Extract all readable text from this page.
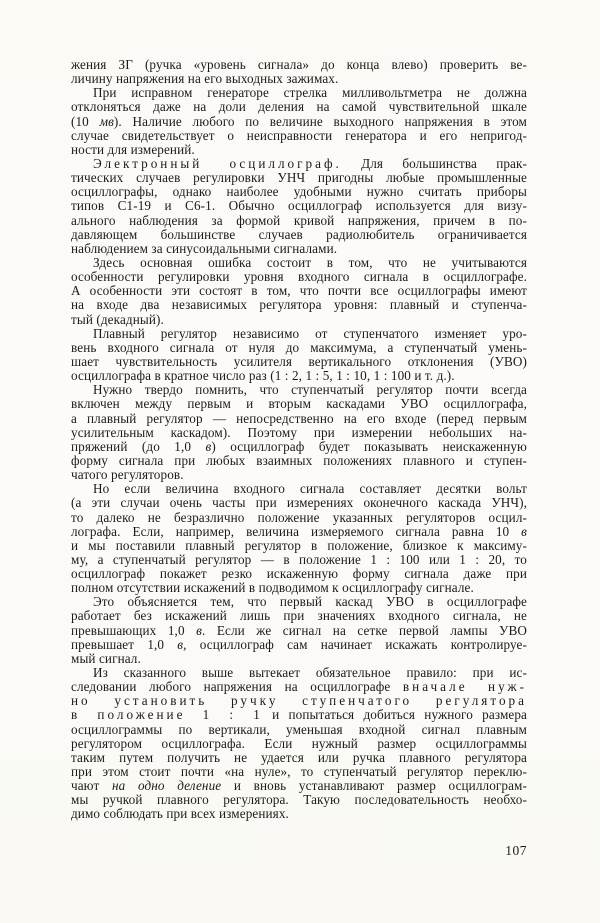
жения ЗГ (ручка «уровень сигнала» до конца влево) проверить ве-
личину напряжения на его выходных зажимах.
При исправном генераторе стрелка милливольтметра не должна
отклоняться даже на доли деления на самой чувствительной шкале
(10 мв). Наличие любого по величине выходного напряжения в этом
случае свидетельствует о неисправности генератора и его непригод-
ности для измерений.
Электронный осциллограф. Для большинства прак-
тических случаев регулировки УНЧ пригодны любые промышленные
осциллографы, однако наиболее удобными нужно считать приборы
типов С1-19 и С6-1. Обычно осциллограф используется для визу-
ального наблюдения за формой кривой напряжения, причем в по-
давляющем большинстве случаев радиолюбитель ограничивается
наблюдением за синусоидальными сигналами.
Здесь основная ошибка состоит в том, что не учитываются
особенности регулировки уровня входного сигнала в осциллографе.
А особенности эти состоят в том, что почти все осциллографы имеют
на входе два независимых регулятора уровня: плавный и ступенча-
тый (декадный).
Плавный регулятор независимо от ступенчатого изменяет уро-
вень входного сигнала от нуля до максимума, а ступенчатый умень-
шает чувствительность усилителя вертикального отклонения (УВО)
осциллографа в кратное число раз (1 : 2, 1 : 5, 1 : 10, 1 : 100 и т. д.).
Нужно твердо помнить, что ступенчатый регулятор почти всегда
включен между первым и вторым каскадами УВО осциллографа,
а плавный регулятор — непосредственно на его входе (перед первым
усилительным каскадом). Поэтому при измерении небольших на-
пряжений (до 1,0 в) осциллограф будет показывать неискаженную
форму сигнала при любых взаимных положениях плавного и ступен-
чатого регуляторов.
Но если величина входного сигнала составляет десятки вольт
(а эти случаи очень часты при измерениях оконечного каскада УНЧ),
то далеко не безразлично положение указанных регуляторов осцил-
лографа. Если, например, величина измеряемого сигнала равна 10 в
и мы поставили плавный регулятор в положение, близкое к максиму-
му, а ступенчатый регулятор — в положение 1 : 100 или 1 : 20, то
осциллограф покажет резко искаженную форму сигнала даже при
полном отсутствии искажений в подводимом к осциллографу сигнале.
Это объясняется тем, что первый каскад УВО в осциллографе
работает без искажений лишь при значениях входного сигнала, не
превышающих 1,0 в. Если же сигнал на сетке первой лампы УВО
превышает 1,0 в, осциллограф сам начинает искажать контролируе-
мый сигнал.
Из сказанного выше вытекает обязательное правило: при ис-
следовании любого напряжения на осциллографе вначале нуж-
но установить ручку ступенчатого регулятора
в положение 1 : 1 и попытаться добиться нужного размера
осциллограммы по вертикали, уменьшая входной сигнал плавным
регулятором осциллографа. Если нужный размер осциллограммы
таким путем получить не удается или ручка плавного регулятора
при этом стоит почти «на нуле», то ступенчатый регулятор переклю-
чают на одно деление и вновь устанавливают размер осциллограм-
мы ручкой плавного регулятора. Такую последовательность необхо-
димо соблюдать при всех измерениях.
107
